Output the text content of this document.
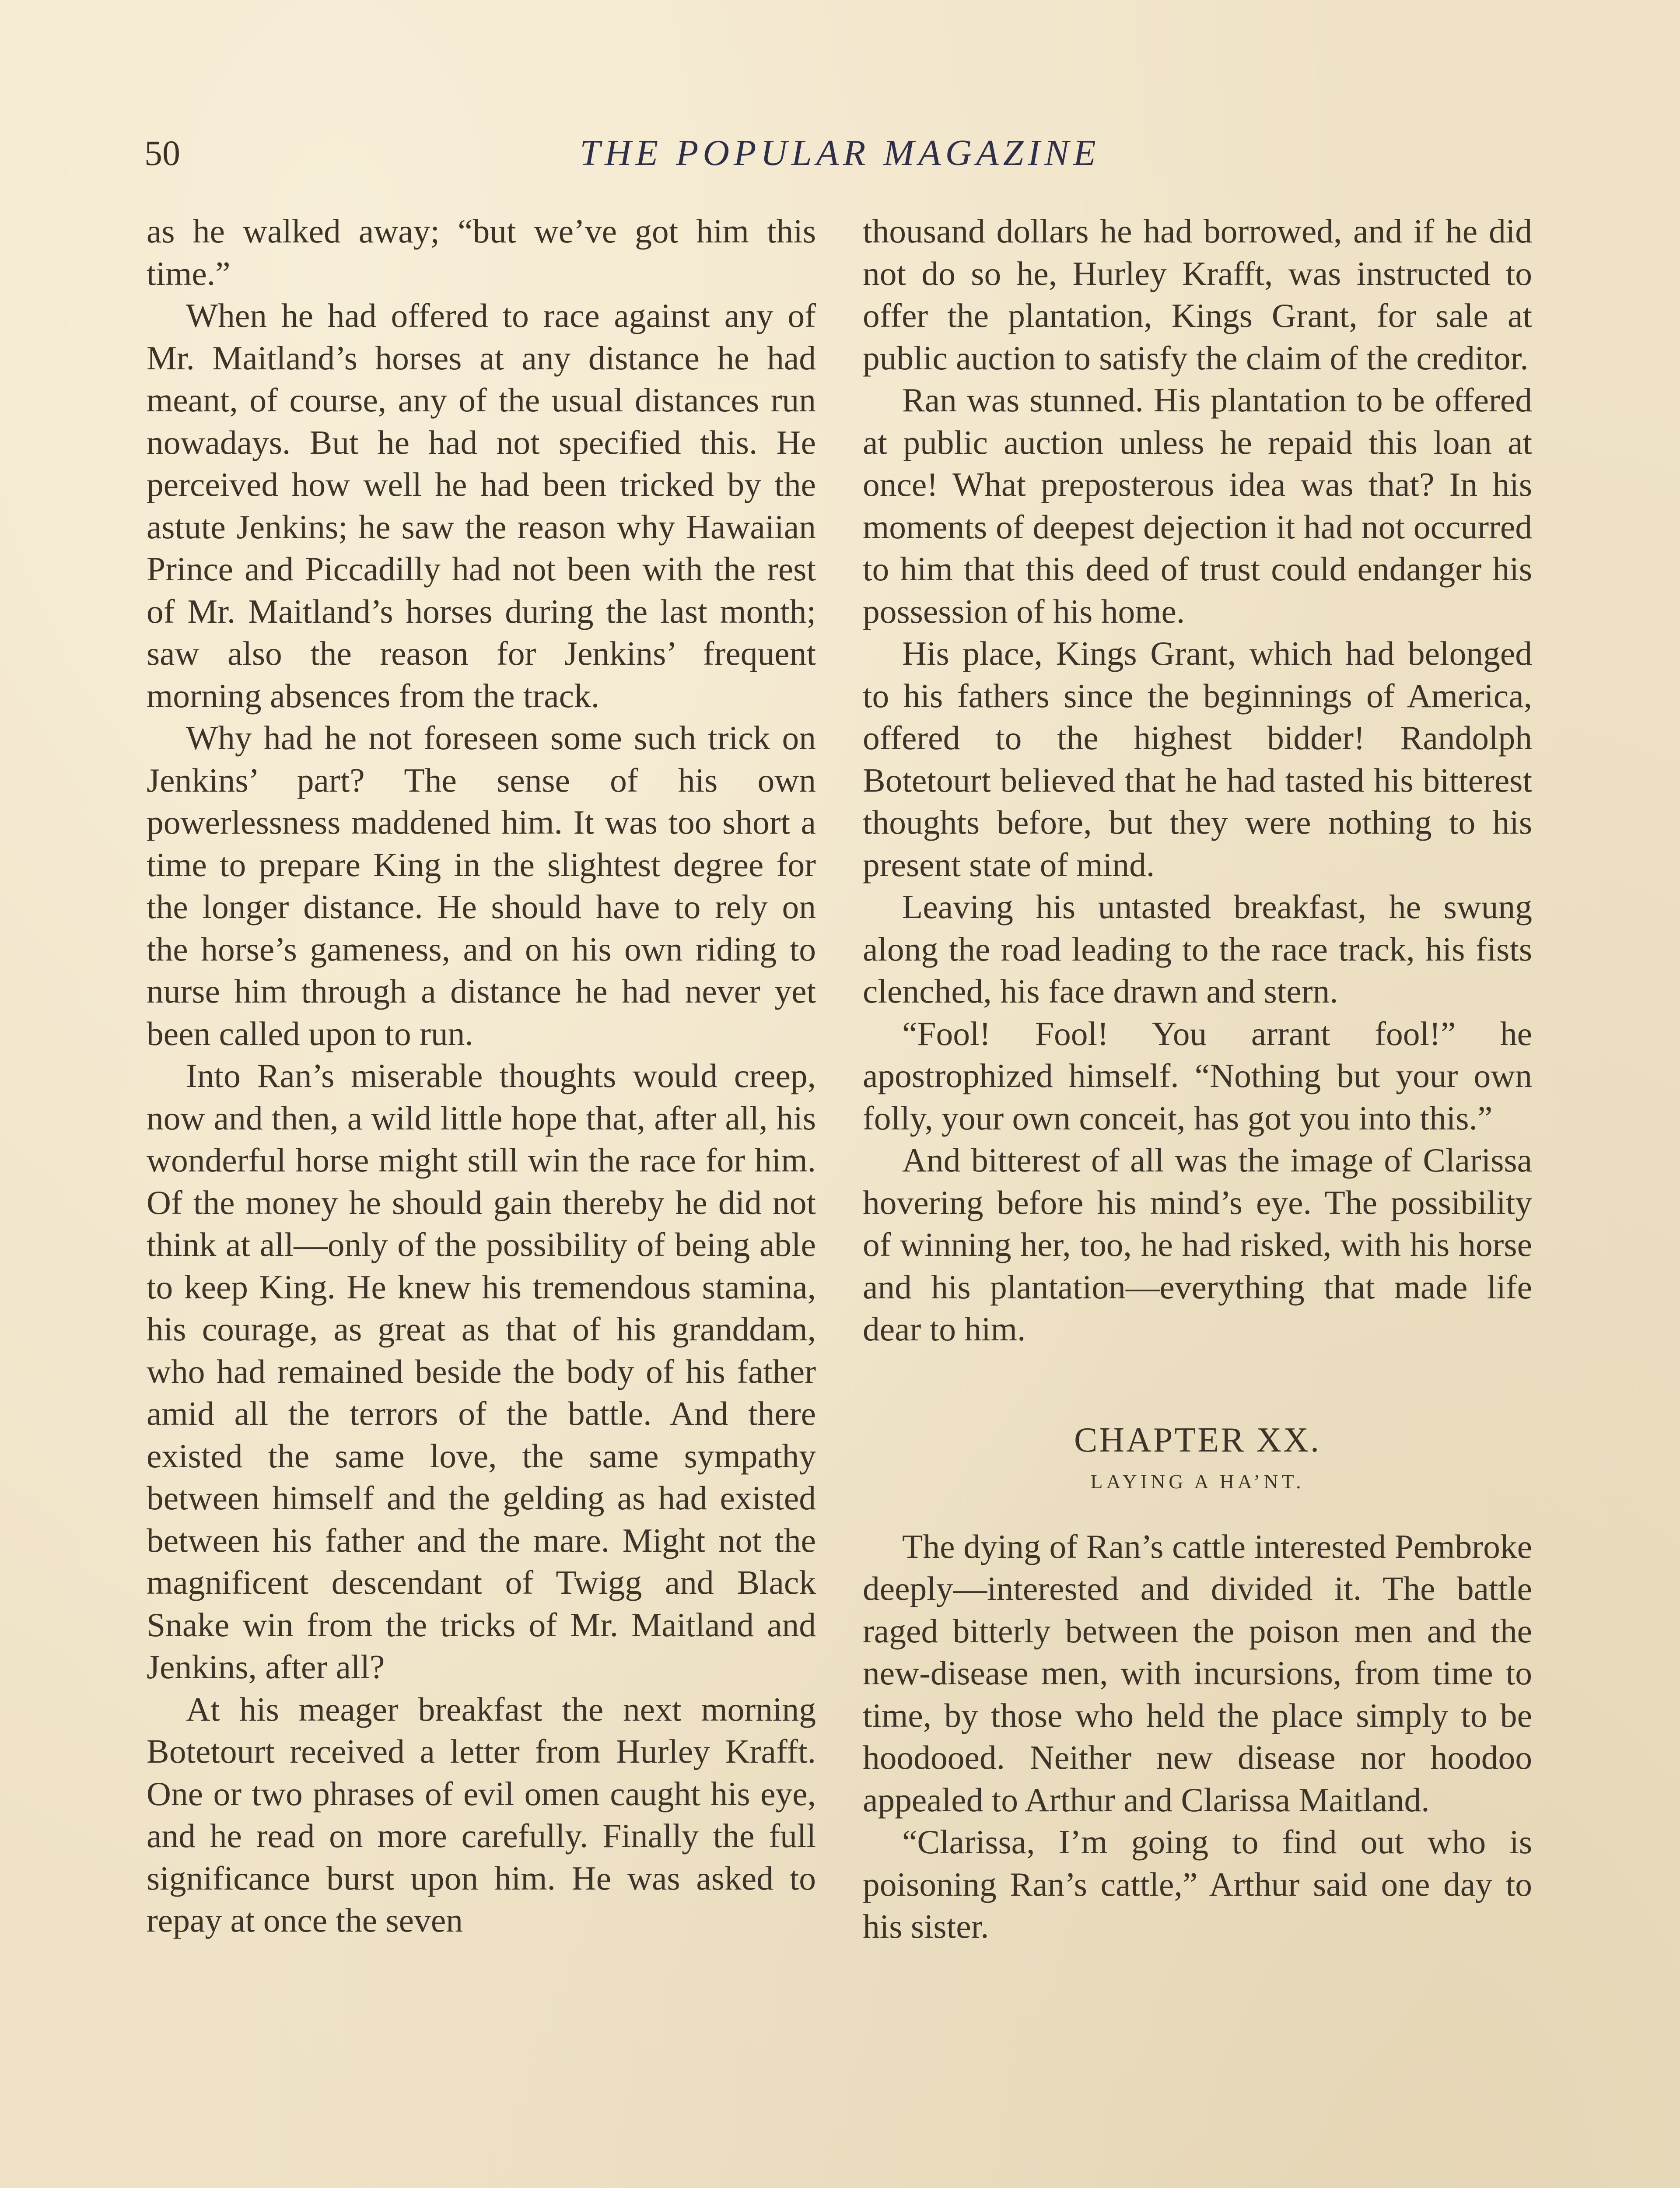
50	THE POPULAR MAGAZINE

as he walked away; “but we’ve got him this time.”

When he had offered to race against any of Mr. Maitland’s horses at any distance he had meant, of course, any of the usual distances run nowadays. But he had not specified this. He perceived how well he had been tricked by the astute Jenkins; he saw the reason why Hawaiian Prince and Piccadilly had not been with the rest of Mr. Maitland’s horses during the last month; saw also the reason for Jenkins’ frequent morning absences from the track.

Why had he not foreseen some such trick on Jenkins’ part? The sense of his own powerlessness maddened him. It was too short a time to prepare King in the slightest degree for the longer distance. He should have to rely on the horse’s gameness, and on his own riding to nurse him through a distance he had never yet been called upon to run.

Into Ran’s miserable thoughts would creep, now and then, a wild little hope that, after all, his wonderful horse might still win the race for him. Of the money he should gain thereby he did not think at all—only of the possibility of being able to keep King. He knew his tremendous stamina, his courage, as great as that of his granddam, who had remained beside the body of his father amid all the terrors of the battle. And there existed the same love, the same sympathy between himself and the gelding as had existed between his father and the mare. Might not the magnificent descendant of Twigg and Black Snake win from the tricks of Mr. Maitland and Jenkins, after all?

At his meager breakfast the next morning Botetourt received a letter from Hurley Krafft. One or two phrases of evil omen caught his eye, and he read on more carefully. Finally the full significance burst upon him. He was asked to repay at once the seven

thousand dollars he had borrowed, and if he did not do so he, Hurley Krafft, was instructed to offer the plantation, Kings Grant, for sale at public auction to satisfy the claim of the creditor.

Ran was stunned. His plantation to be offered at public auction unless he repaid this loan at once! What preposterous idea was that? In his moments of deepest dejection it had not occurred to him that this deed of trust could endanger his possession of his home.

His place, Kings Grant, which had belonged to his fathers since the beginnings of America, offered to the highest bidder! Randolph Botetourt believed that he had tasted his bitterest thoughts before, but they were nothing to his present state of mind.

Leaving his untasted breakfast, he swung along the road leading to the race track, his fists clenched, his face drawn and stern.

“Fool! Fool! You arrant fool!” he apostrophized himself. “Nothing but your own folly, your own conceit, has got you into this.”

And bitterest of all was the image of Clarissa hovering before his mind’s eye. The possibility of winning her, too, he had risked, with his horse and his plantation—everything that made life dear to him.

CHAPTER XX.
LAYING A HA’NT.

The dying of Ran’s cattle interested Pembroke deeply—interested and divided it. The battle raged bitterly between the poison men and the new-disease men, with incursions, from time to time, by those who held the place simply to be hoodooed. Neither new disease nor hoodoo appealed to Arthur and Clarissa Maitland.

“Clarissa, I’m going to find out who is poisoning Ran’s cattle,” Arthur said one day to his sister.
